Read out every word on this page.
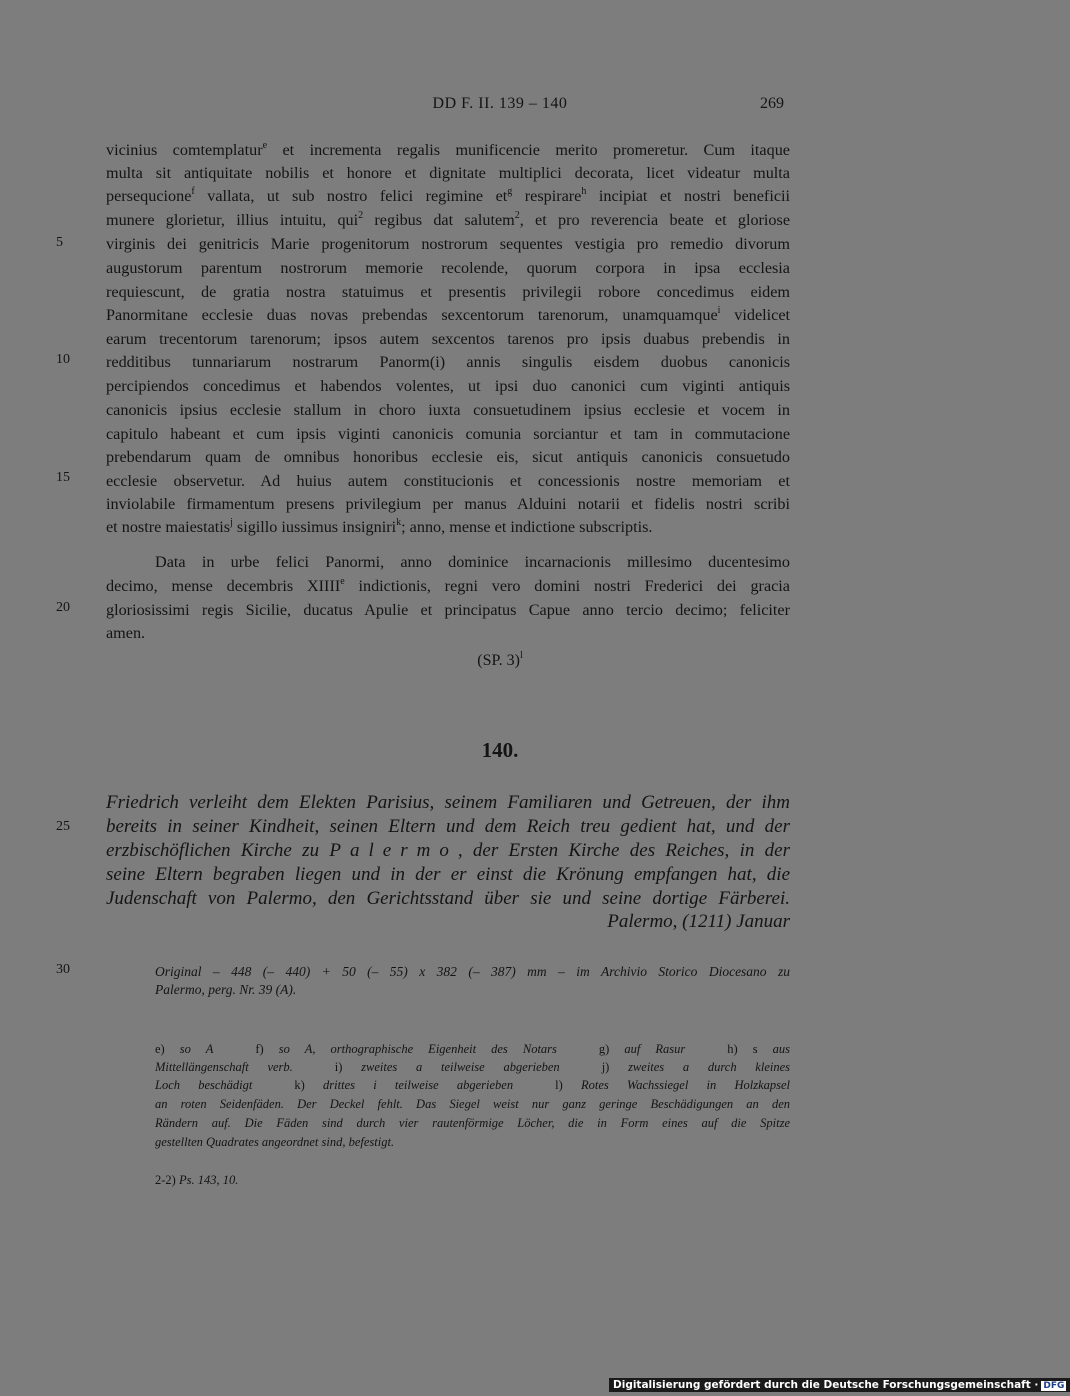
DD F. II. 139 – 140	269
5
10
15
20
25
30
vicinius comtemplatur$^e$ et incrementa regalis munificencie merito promeretur. Cum itaque
multa sit antiquitate nobilis et honore et dignitate multiplici decorata, licet videatur multa
persequcione$^f$ vallata, ut sub nostro felici regimine $et^g$ respirare$^h$ incipiat et nostri beneficii
munere glorietur, illius intuitu, qui$^2$ regibus dat salutem$^2$, et pro reverencia beate et gloriose
virginis dei genitricis Marie progenitorum nostrorum sequentes vestigia pro remedio divorum
augustorum parentum nostrorum memorie recolende, quorum corpora in ipsa ecclesia
requiescunt, de gratia nostra statuimus et presentis privilegii robore concedimus eidem
Panormitane ecclesie duas novas prebendas sexcentorum tarenorum, unamquamque$^i$ videlicet
earum trecentorum tarenorum; ipsos autem sexcentos tarenos pro ipsis duabus prebendis in
redditibus tunnariarum nostrarum Panorm(i) annis singulis eisdem duobus canonicis
percipiendos concedimus et habendos volentes, ut ipsi duo canonici cum viginti antiquis
canonicis ipsius ecclesie stallum in choro iuxta consuetudinem ipsius ecclesie et vocem in
capitulo habeant et cum ipsis viginti canonicis comunia sorciantur et tam in commutacione
prebendarum quam de omnibus honoribus ecclesie eis, sicut antiquis canonicis consuetudo
ecclesie observetur. Ad huius autem constitucionis et concessionis nostre memoriam et
inviolabile firmamentum presens privilegium per manus Alduini notarii et fidelis nostri scribi
et nostre maiestatis$^j$ sigillo iussimus insigniri$^k$; anno, mense et indictione subscriptis.
Data in urbe felici Panormi, anno dominice incarnacionis millesimo ducentesimo
decimo, mense decembris XIIIIe indictionis, regni vero domini nostri Frederici dei gracia
gloriosissimi regis Sicilie, ducatus Apulie et principatus Capue anno tercio decimo; feliciter
amen.
(SP. 3)$^l$
140.
Friedrich verleiht dem Elekten Parisius, seinem Familiaren und Getreuen, der ihm
bereits in seiner Kindheit, seinen Eltern und dem Reich treu gedient hat, und der
erzbischöflichen Kirche zu Palermo, der Ersten Kirche des Reiches, in der
seine Eltern begraben liegen und in der er einst die Krönung empfangen hat, die
Judenschaft von Palermo, den Gerichtsstand über sie und seine dortige Färberei.
Palermo, (1211) Januar
Original – 448 (– 440) + 50 (– 55) x 382 (– 387) mm – im Archivio Storico Diocesano zu
Palermo, perg. Nr. 39 (A).
e) so A	f) so A, orthographische Eigenheit des Notars	g) auf Rasur	h) s aus
Mittellängenschaft verb.	i) zweites a teilweise abgerieben	j) zweites a durch kleines
Loch beschädigt	k) drittes i teilweise abgerieben	l) Rotes Wachssiegel in Holzkapsel
an roten Seidenfäden. Der Deckel fehlt. Das Siegel weist nur ganz geringe Beschädigungen an den
Rändern auf. Die Fäden sind durch vier rautenförmige Löcher, die in Form eines auf die Spitze
gestellten Quadrates angeordnet sind, befestigt.
2-2) Ps. 143, 10.
Digitalisierung gefördert durch die Deutsche Forschungsgemeinschaft · DFG
